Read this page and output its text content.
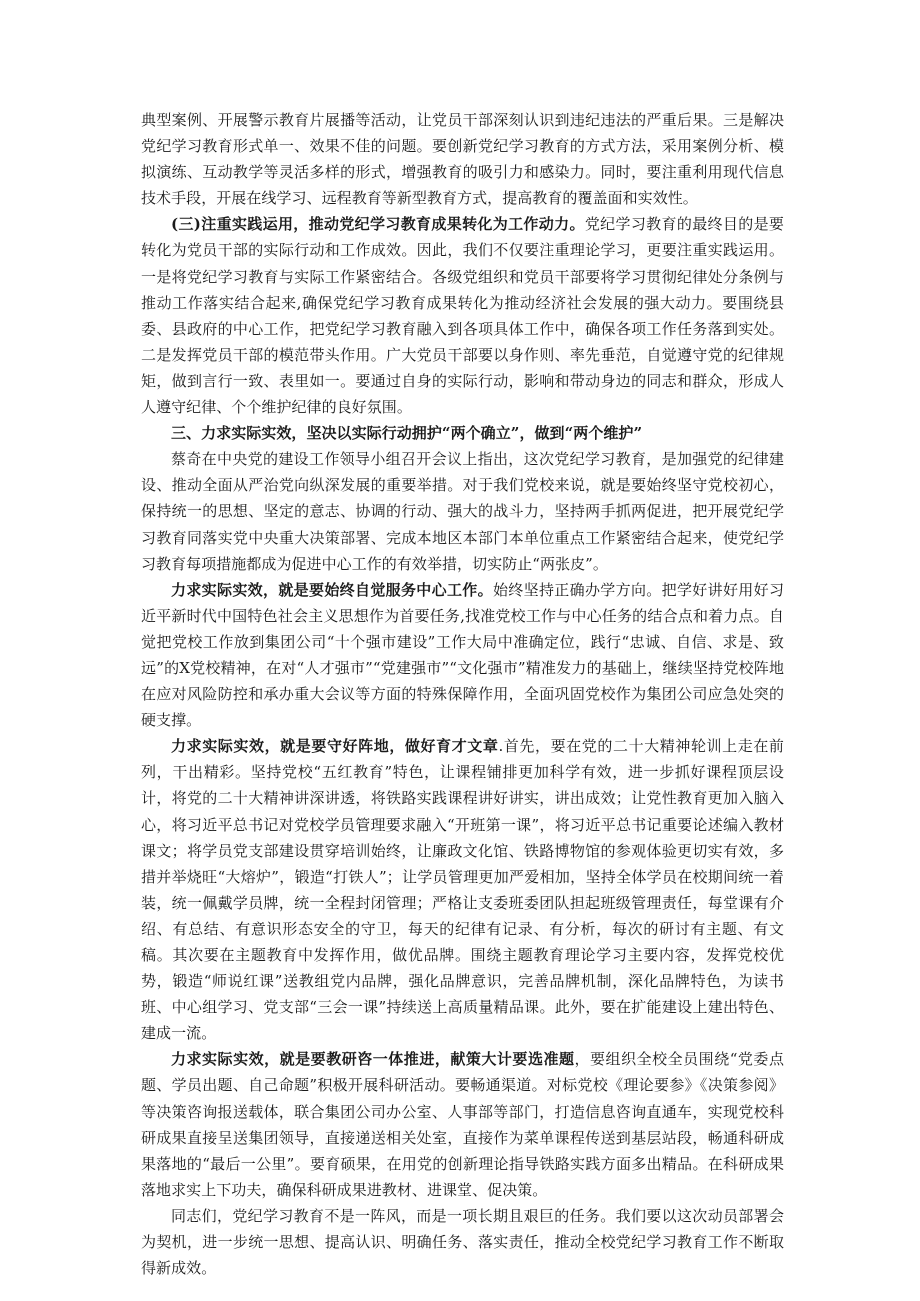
典型案例、开展警示教育片展播等活动，让党员干部深刻认识到违纪违法的严重后果。三是解决党纪学习教育形式单一、效果不佳的问题。要创新党纪学习教育的方式方法，采用案例分析、模拟演练、互动教学等灵活多样的形式，增强教育的吸引力和感染力。同时，要注重利用现代信息技术手段，开展在线学习、远程教育等新型教育方式，提高教育的覆盖面和实效性。

(三)注重实践运用，推动党纪学习教育成果转化为工作动力。党纪学习教育的最终目的是要转化为党员干部的实际行动和工作成效。因此，我们不仅要注重理论学习，更要注重实践运用。一是将党纪学习教育与实际工作紧密结合。各级党组织和党员干部要将学习贯彻纪律处分条例与推动工作落实结合起来,确保党纪学习教育成果转化为推动经济社会发展的强大动力。要围绕县委、县政府的中心工作，把党纪学习教育融入到各项具体工作中，确保各项工作任务落到实处。二是发挥党员干部的模范带头作用。广大党员干部要以身作则、率先垂范，自觉遵守党的纪律规矩，做到言行一致、表里如一。要通过自身的实际行动，影响和带动身边的同志和群众，形成人人遵守纪律、个个维护纪律的良好氛围。

三、力求实际实效，坚决以实际行动拥护“两个确立”，做到“两个维护”

蔡奇在中央党的建设工作领导小组召开会议上指出，这次党纪学习教育，是加强党的纪律建设、推动全面从严治党向纵深发展的重要举措。对于我们党校来说，就是要始终坚守党校初心，保持统一的思想、坚定的意志、协调的行动、强大的战斗力，坚持两手抓两促进，把开展党纪学习教育同落实党中央重大决策部署、完成本地区本部门本单位重点工作紧密结合起来，使党纪学习教育每项措施都成为促进中心工作的有效举措，切实防止“两张皮”。

力求实际实效，就是要始终自觉服务中心工作。始终坚持正确办学方向。把学好讲好用好习近平新时代中国特色社会主义思想作为首要任务,找准党校工作与中心任务的结合点和着力点。自觉把党校工作放到集团公司“十个强市建设”工作大局中准确定位，践行“忠诚、自信、求是、致远”的X党校精神，在对“人才强市”“党建强市”“文化强市”精准发力的基础上，继续坚持党校阵地在应对风险防控和承办重大会议等方面的特殊保障作用，全面巩固党校作为集团公司应急处突的硬支撑。

力求实际实效，就是要守好阵地，做好育才文章.首先，要在党的二十大精神轮训上走在前列，干出精彩。坚持党校“五红教育”特色，让课程铺排更加科学有效，进一步抓好课程顶层设计，将党的二十大精神讲深讲透，将铁路实践课程讲好讲实，讲出成效；让党性教育更加入脑入心，将习近平总书记对党校学员管理要求融入“开班第一课”，将习近平总书记重要论述编入教材课文；将学员党支部建设贯穿培训始终，让廉政文化馆、铁路博物馆的参观体验更切实有效，多措并举烧旺“大熔炉”，锻造“打铁人”；让学员管理更加严爱相加，坚持全体学员在校期间统一着装，统一佩戴学员牌，统一全程封闭管理；严格让支委班委团队担起班级管理责任，每堂课有介绍、有总结、有意识形态安全的守卫，每天的纪律有记录、有分析，每次的研讨有主题、有文稿。其次要在主题教育中发挥作用，做优品牌。围绕主题教育理论学习主要内容，发挥党校优势，锻造“师说红课”送教组党内品牌，强化品牌意识，完善品牌机制，深化品牌特色，为读书班、中心组学习、党支部“三会一课”持续送上高质量精品课。此外，要在扩能建设上建出特色、建成一流。

力求实际实效，就是要教研咨一体推进，献策大计要选准题，要组织全校全员围绕“党委点题、学员出题、自己命题”积极开展科研活动。要畅通渠道。对标党校《理论要参》《决策参阅》等决策咨询报送载体，联合集团公司办公室、人事部等部门，打造信息咨询直通车，实现党校科研成果直接呈送集团领导，直接递送相关处室，直接作为菜单课程传送到基层站段，畅通科研成果落地的“最后一公里”。要育硕果，在用党的创新理论指导铁路实践方面多出精品。在科研成果落地求实上下功夫，确保科研成果进教材、进课堂、促决策。

同志们，党纪学习教育不是一阵风，而是一项长期且艰巨的任务。我们要以这次动员部署会为契机，进一步统一思想、提高认识、明确任务、落实责任，推动全校党纪学习教育工作不断取得新成效。
